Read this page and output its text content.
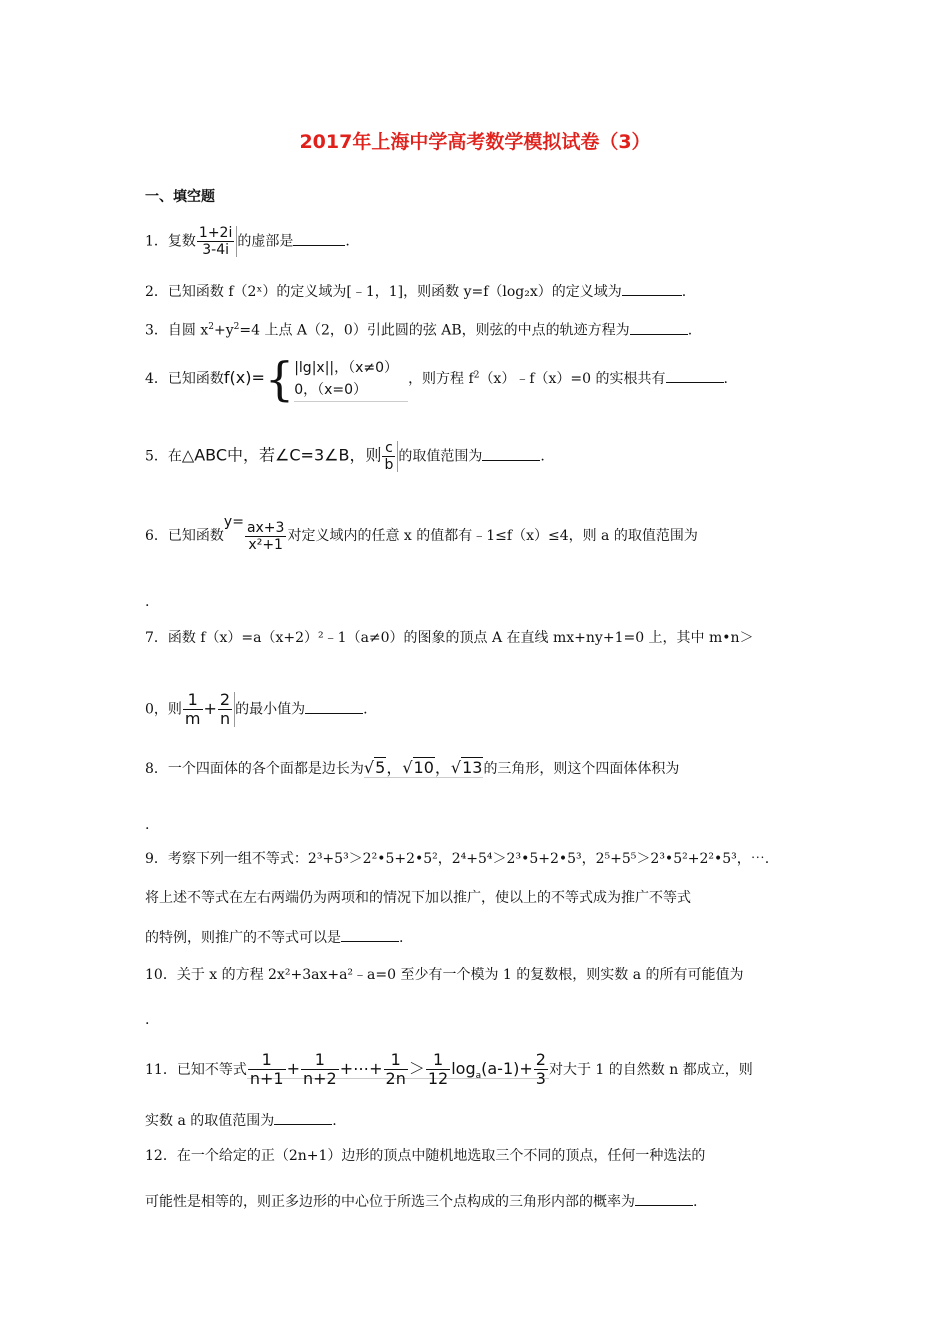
2017年上海中学高考数学模拟试卷（3）
一、填空题
1．复数 $\frac{1+2i}{3-4i}$ 的虚部是	.
2．已知函数 f（2ˣ）的定义域为[﹣1，1]，则函数 y=f（log₂x）的定义域为	.
3．自圆 $x^2+y^2=4$ 上点 A（2，0）引此圆的弦 AB，则弦的中点的轨迹方程为	.
4．已知函数f(x)={|lg|x||，（x≠0）
0，（x=0），则方程 $f^2(x)﹣f(x)=0$ 的实根共有	.
5．在△ABC中，若∠C=3∠B，则 $\frac{c}{b}$ 的取值范围为	.
6．已知函数$y= \frac{ax+3}{\text{x²+1}}$ 对定义域内的任意 x 的值都有﹣1≤f（x）≤4，则 a 的取值范围为
.
7．函数 f（x）=a（x+2）²﹣1（a≠0）的图象的顶点 A 在直线 mx+ny+1=0 上，其中 m•n＞
0，则 $\frac{1}{m} + \frac{2}{n}$ 的最小值为	.
8．一个四面体的各个面都是边长为√5，√10，√13的三角形，则这个四面体体积为
.
9．考察下列一组不等式：2³+5³＞2²•5+2•5²，2⁴+5⁴＞2³•5+2•5³，2⁵+5⁵＞2³•5²+2²•5³，⋯.
将上述不等式在左右两端仍为两项和的情况下加以推广，使以上的不等式成为推广不等式
的特例，则推广的不等式可以是	.
10．关于 x 的方程 2x²+3ax+a²﹣a=0 至少有一个模为 1 的复数根，则实数 a 的所有可能值为
.
11．已知不等式 $\frac{1}{n+1} + \frac{1}{n+2}$ +⋯+ $\frac{1}{2n} > \frac{1}{12} \log_a(a-1)+ \frac{2}{3}$ 对大于 1 的自然数 n 都成立，则
实数 a 的取值范围为	.
12．在一个给定的正（2n+1）边形的顶点中随机地选取三个不同的顶点，任何一种选法的
可能性是相等的，则正多边形的中心位于所选三个点构成的三角形内部的概率为	.
